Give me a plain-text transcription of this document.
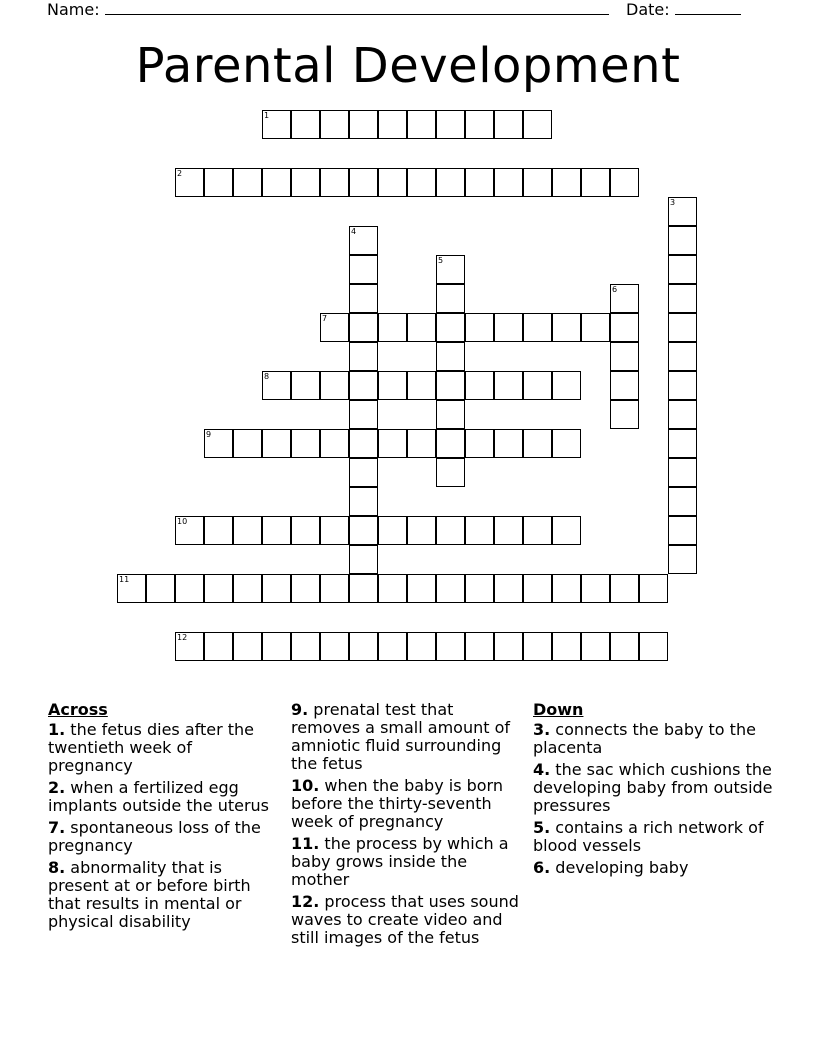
Name:	Date:
Parental Development
1
2
3
4
5
6
7
8
9
10
11
12
Across
1. the fetus dies after the twentieth week of pregnancy
2. when a fertilized egg implants outside the uterus
7. spontaneous loss of the pregnancy
8. abnormality that is present at or before birth that results in mental or physical disability
9. prenatal test that removes a small amount of amniotic fluid surrounding the fetus
10. when the baby is born before the thirty-seventh week of pregnancy
11. the process by which a baby grows inside the mother
12. process that uses sound waves to create video and still images of the fetus
Down
3. connects the baby to the placenta
4. the sac which cushions the developing baby from outside pressures
5. contains a rich network of blood vessels
6. developing baby
